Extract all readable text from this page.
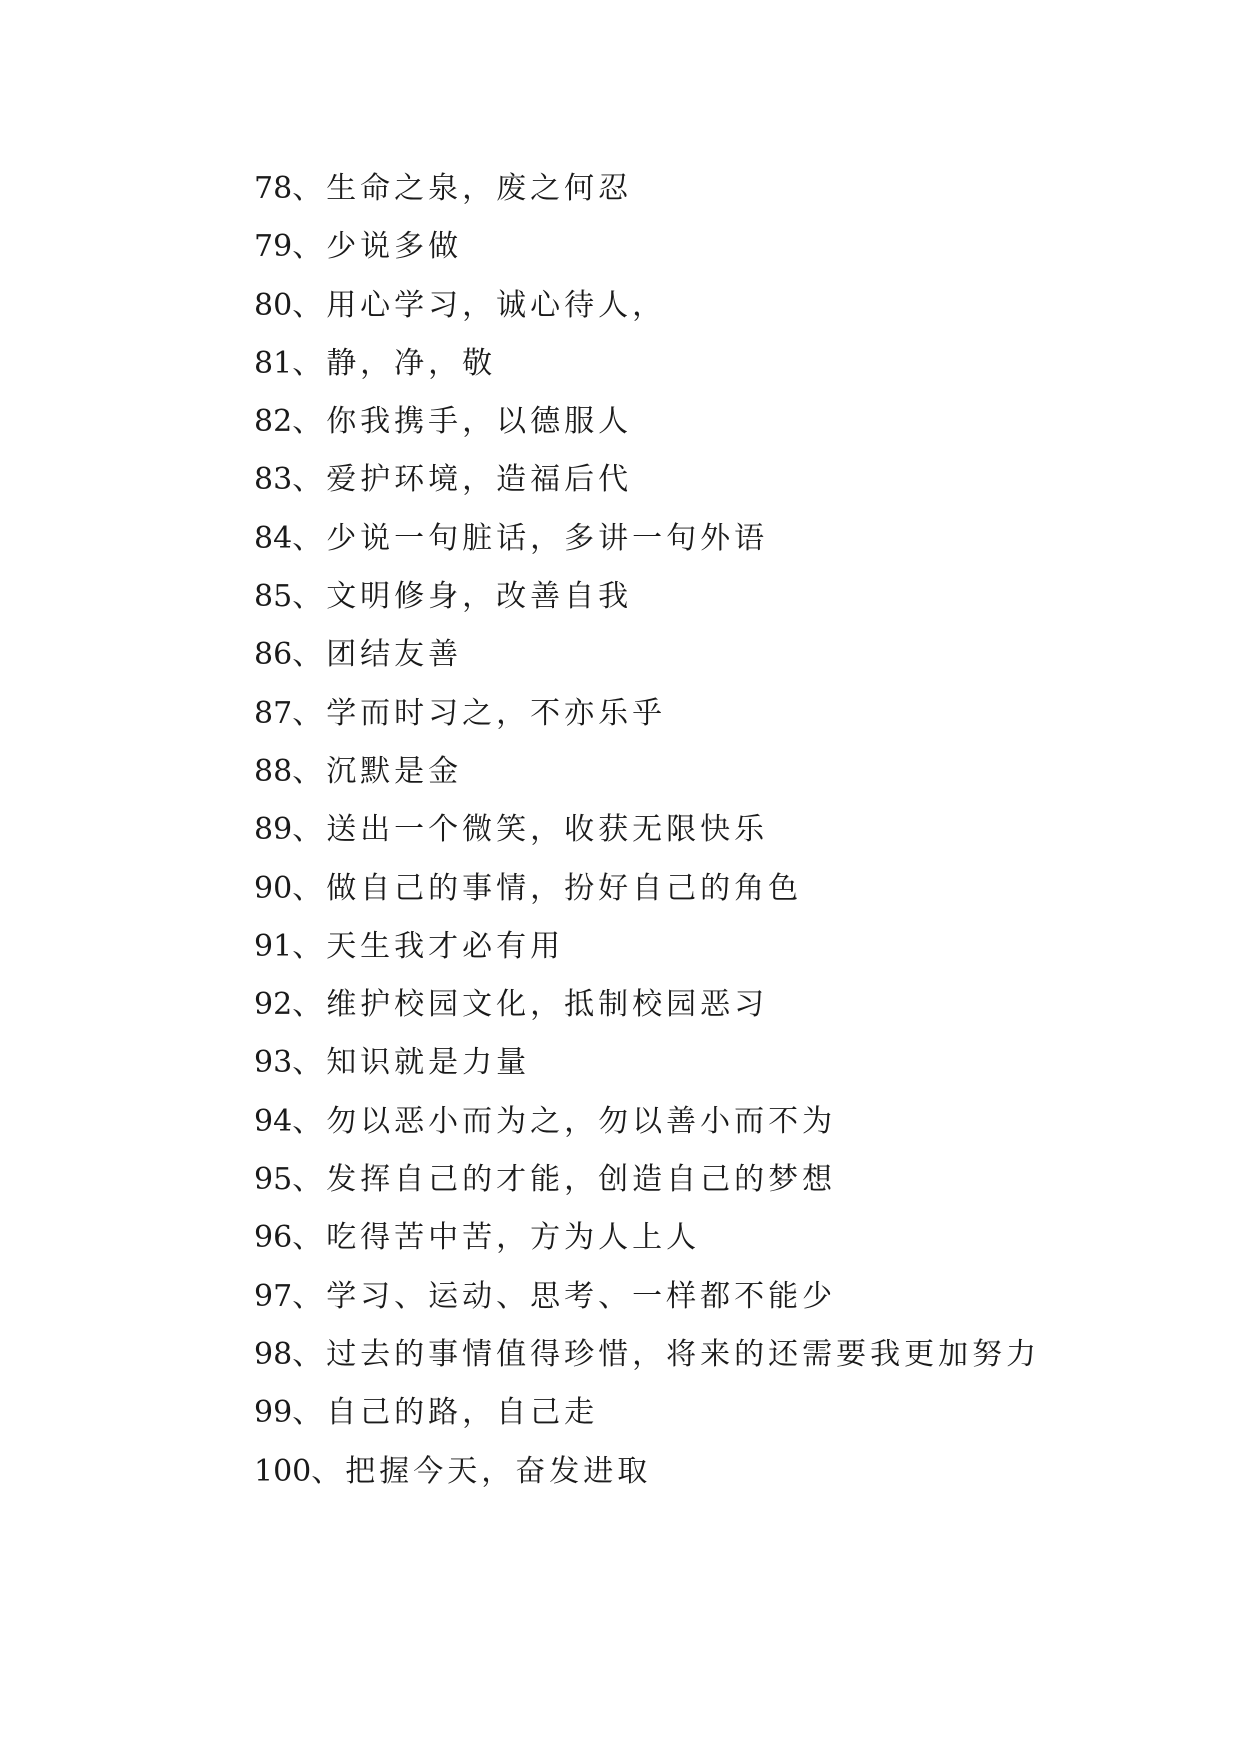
78、生命之泉，废之何忍
79、少说多做
80、用心学习，诚心待人，
81、静，净，敬
82、你我携手，以德服人
83、爱护环境，造福后代
84、少说一句脏话，多讲一句外语
85、文明修身，改善自我
86、团结友善
87、学而时习之，不亦乐乎
88、沉默是金
89、送出一个微笑，收获无限快乐
90、做自己的事情，扮好自己的角色
91、天生我才必有用
92、维护校园文化，抵制校园恶习
93、知识就是力量
94、勿以恶小而为之，勿以善小而不为
95、发挥自己的才能，创造自己的梦想
96、吃得苦中苦，方为人上人
97、学习、运动、思考、一样都不能少
98、过去的事情值得珍惜，将来的还需要我更加努力
99、自己的路，自己走
100、把握今天，奋发进取
